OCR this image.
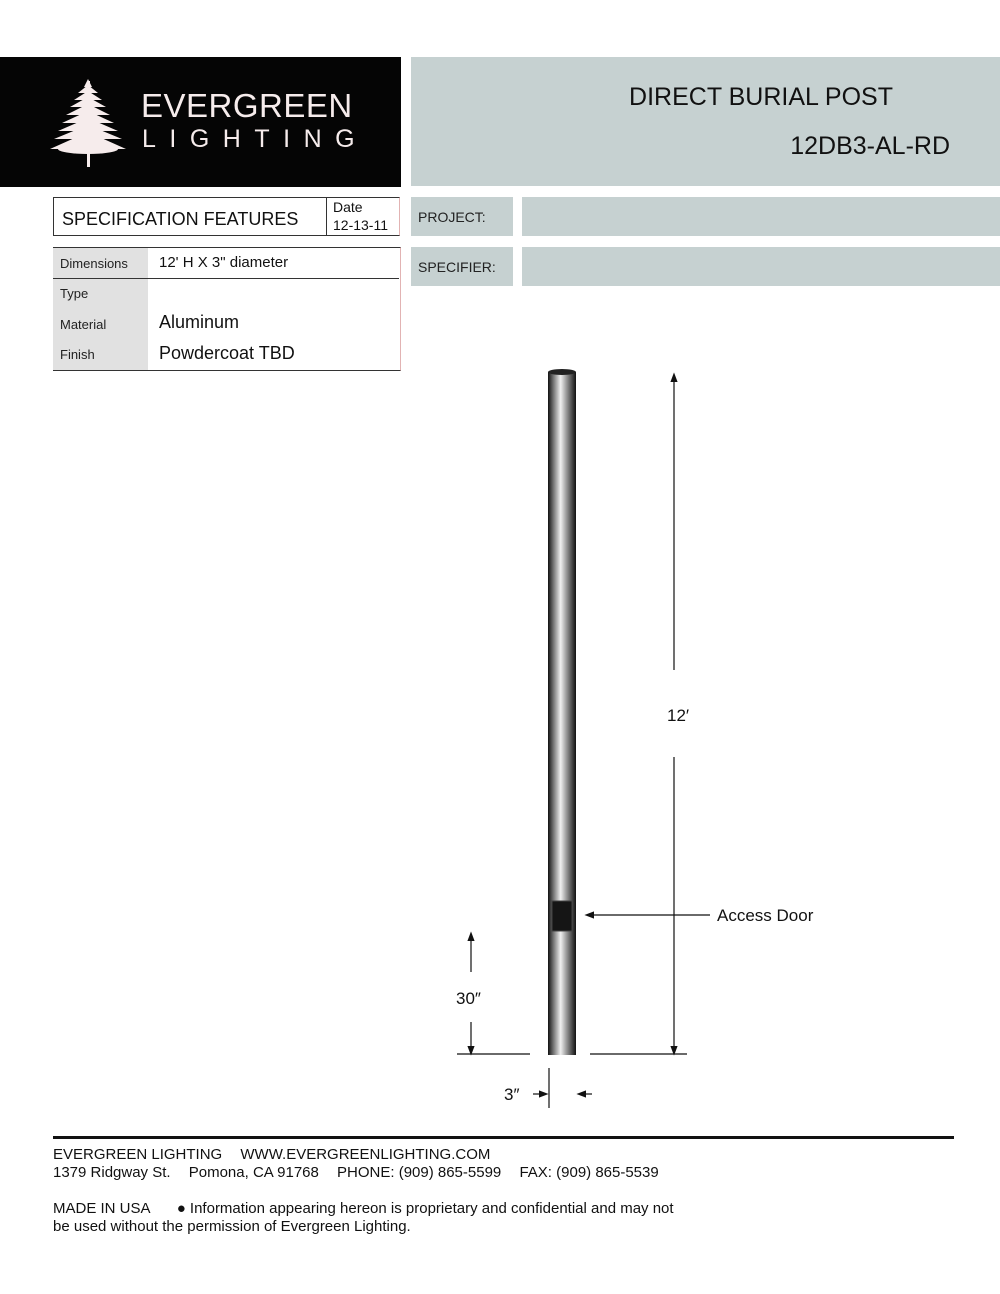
EVERGREEN
LIGHTING
DIRECT BURIAL POST
12DB3-AL-RD
PROJECT:
SPECIFIER:
SPECIFICATION FEATURES
Date
12-13-11
Dimensions 12' H X 3" diameter
Type
Material	Aluminum
Finish	Powdercoat TBD
12′
30″
3″
Access Door
EVERGREEN LIGHTING WWW.EVERGREENLIGHTING.COM
1379 Ridgway St. Pomona, CA 91768 PHONE: (909) 865-5599 FAX: (909) 865-5539
MADE IN USA ● Information appearing hereon is proprietary and confidential and may not
be used without the permission of Evergreen Lighting.
